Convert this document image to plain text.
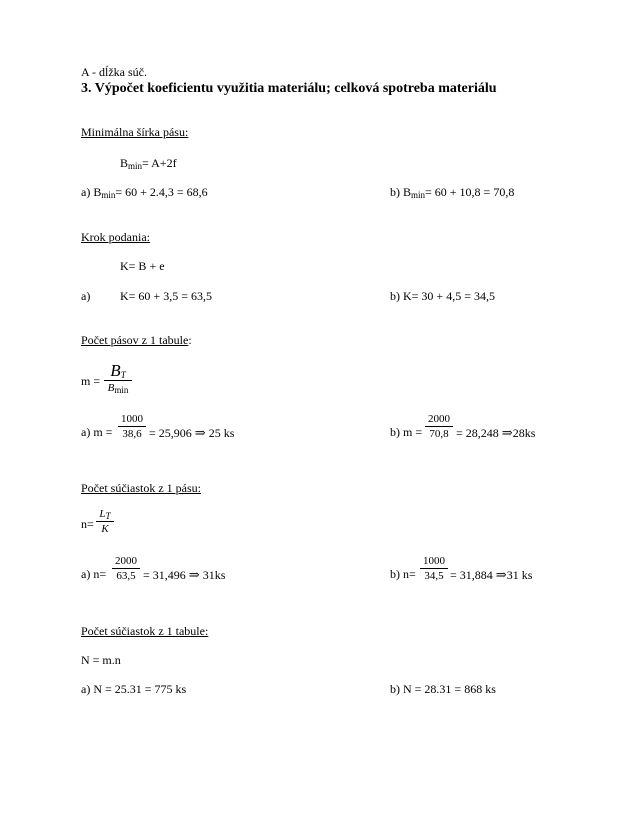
A - dĺžka súč.
3. Výpočet koeficientu využitia materiálu; celková spotreba materiálu
Minimálna šírka pásu:
$B_{min}= A+2f$
a) $B_{min}= 60 + 2.4,3 = 68,6$	b) $B_{min}= 60 + 10,8 = 70,8$
Krok podania:
K= B + e
a) K= 60 + 3,5 = 63,5	b) K= 30 + 4,5 = 34,5
Počet pásov z 1 tabule:
m =
$B_T$
$B_{min}$
a) $m = \frac{1000}{38,6} = 25,906$ ⇒ 25 ks	b) $m = \frac{2000}{70,8} = 28,248$ ⇒28ks
Počet súčiastok z 1 pásu:
$n= \frac{L_T}{K}$
a) $n= \frac{2000}{63,5} = 31,496$ ⇒ 31ks	b) $n= \frac{1000}{34,5} = 31,884$ ⇒31 ks
Počet súčiastok z 1 tabule:
N = m.n
a) N = 25.31 = 775 ks	b) N = 28.31 = 868 ks
